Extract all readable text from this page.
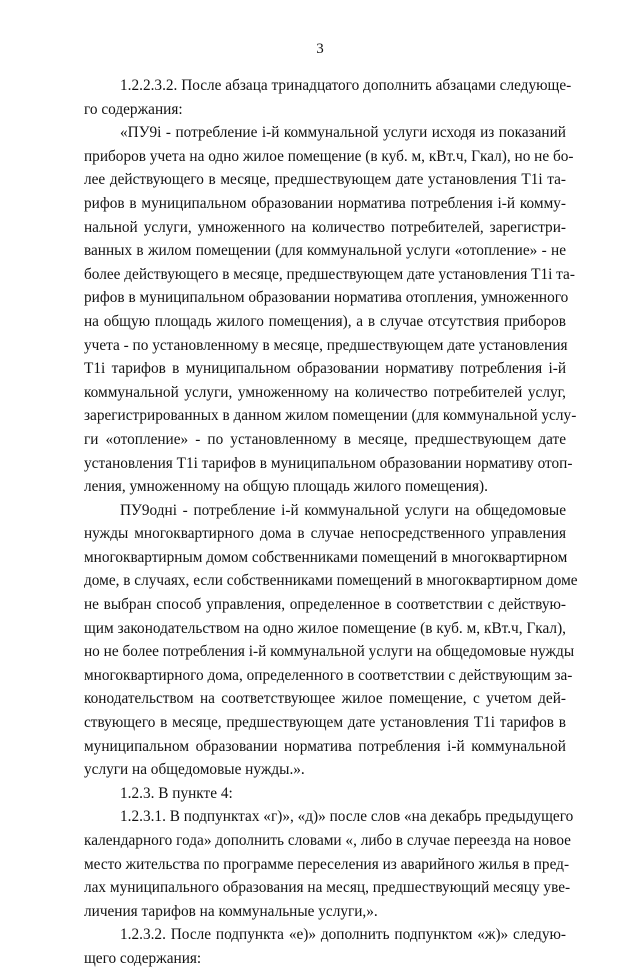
3
1.2.2.3.2. После абзаца тринадцатого дополнить абзацами следующе-
го содержания:
«ПУ9i - потребление i-й коммунальной услуги исходя из показаний
приборов учета на одно жилое помещение (в куб. м, кВт.ч, Гкал), но не бо-
лее действующего в месяце, предшествующем дате установления Т1i та-
рифов в муниципальном образовании норматива потребления i-й комму-
нальной услуги, умноженного на количество потребителей, зарегистри-
ванных в жилом помещении (для коммунальной услуги «отопление» - не
более действующего в месяце, предшествующем дате установления Т1i та-
рифов в муниципальном образовании норматива отопления, умноженного
на общую площадь жилого помещения), а в случае отсутствия приборов
учета - по установленному в месяце, предшествующем дате установления
Т1i тарифов в муниципальном образовании нормативу потребления i-й
коммунальной услуги, умноженному на количество потребителей услуг,
зарегистрированных в данном жилом помещении (для коммунальной услу-
ги «отопление» - по установленному в месяце, предшествующем дате
установления Т1i тарифов в муниципальном образовании нормативу отоп-
ления, умноженному на общую площадь жилого помещения).
ПУ9одні - потребление i-й коммунальной услуги на общедомовые
нужды многоквартирного дома в случае непосредственного управления
многоквартирным домом собственниками помещений в многоквартирном
доме, в случаях, если собственниками помещений в многоквартирном доме
не выбран способ управления, определенное в соответствии с действую-
щим законодательством на одно жилое помещение (в куб. м, кВт.ч, Гкал),
но не более потребления i-й коммунальной услуги на общедомовые нужды
многоквартирного дома, определенного в соответствии с действующим за-
конодательством на соответствующее жилое помещение, с учетом дей-
ствующего в месяце, предшествующем дате установления Т1i тарифов в
муниципальном образовании норматива потребления i-й коммунальной
услуги на общедомовые нужды.».
1.2.3. В пункте 4:
1.2.3.1. В подпунктах «г)», «д)» после слов «на декабрь предыдущего
календарного года» дополнить словами «, либо в случае переезда на новое
место жительства по программе переселения из аварийного жилья в пред-
лах муниципального образования на месяц, предшествующий месяцу уве-
личения тарифов на коммунальные услуги,».
1.2.3.2. После подпункта «е)» дополнить подпунктом «ж)» следую-
щего содержания:
